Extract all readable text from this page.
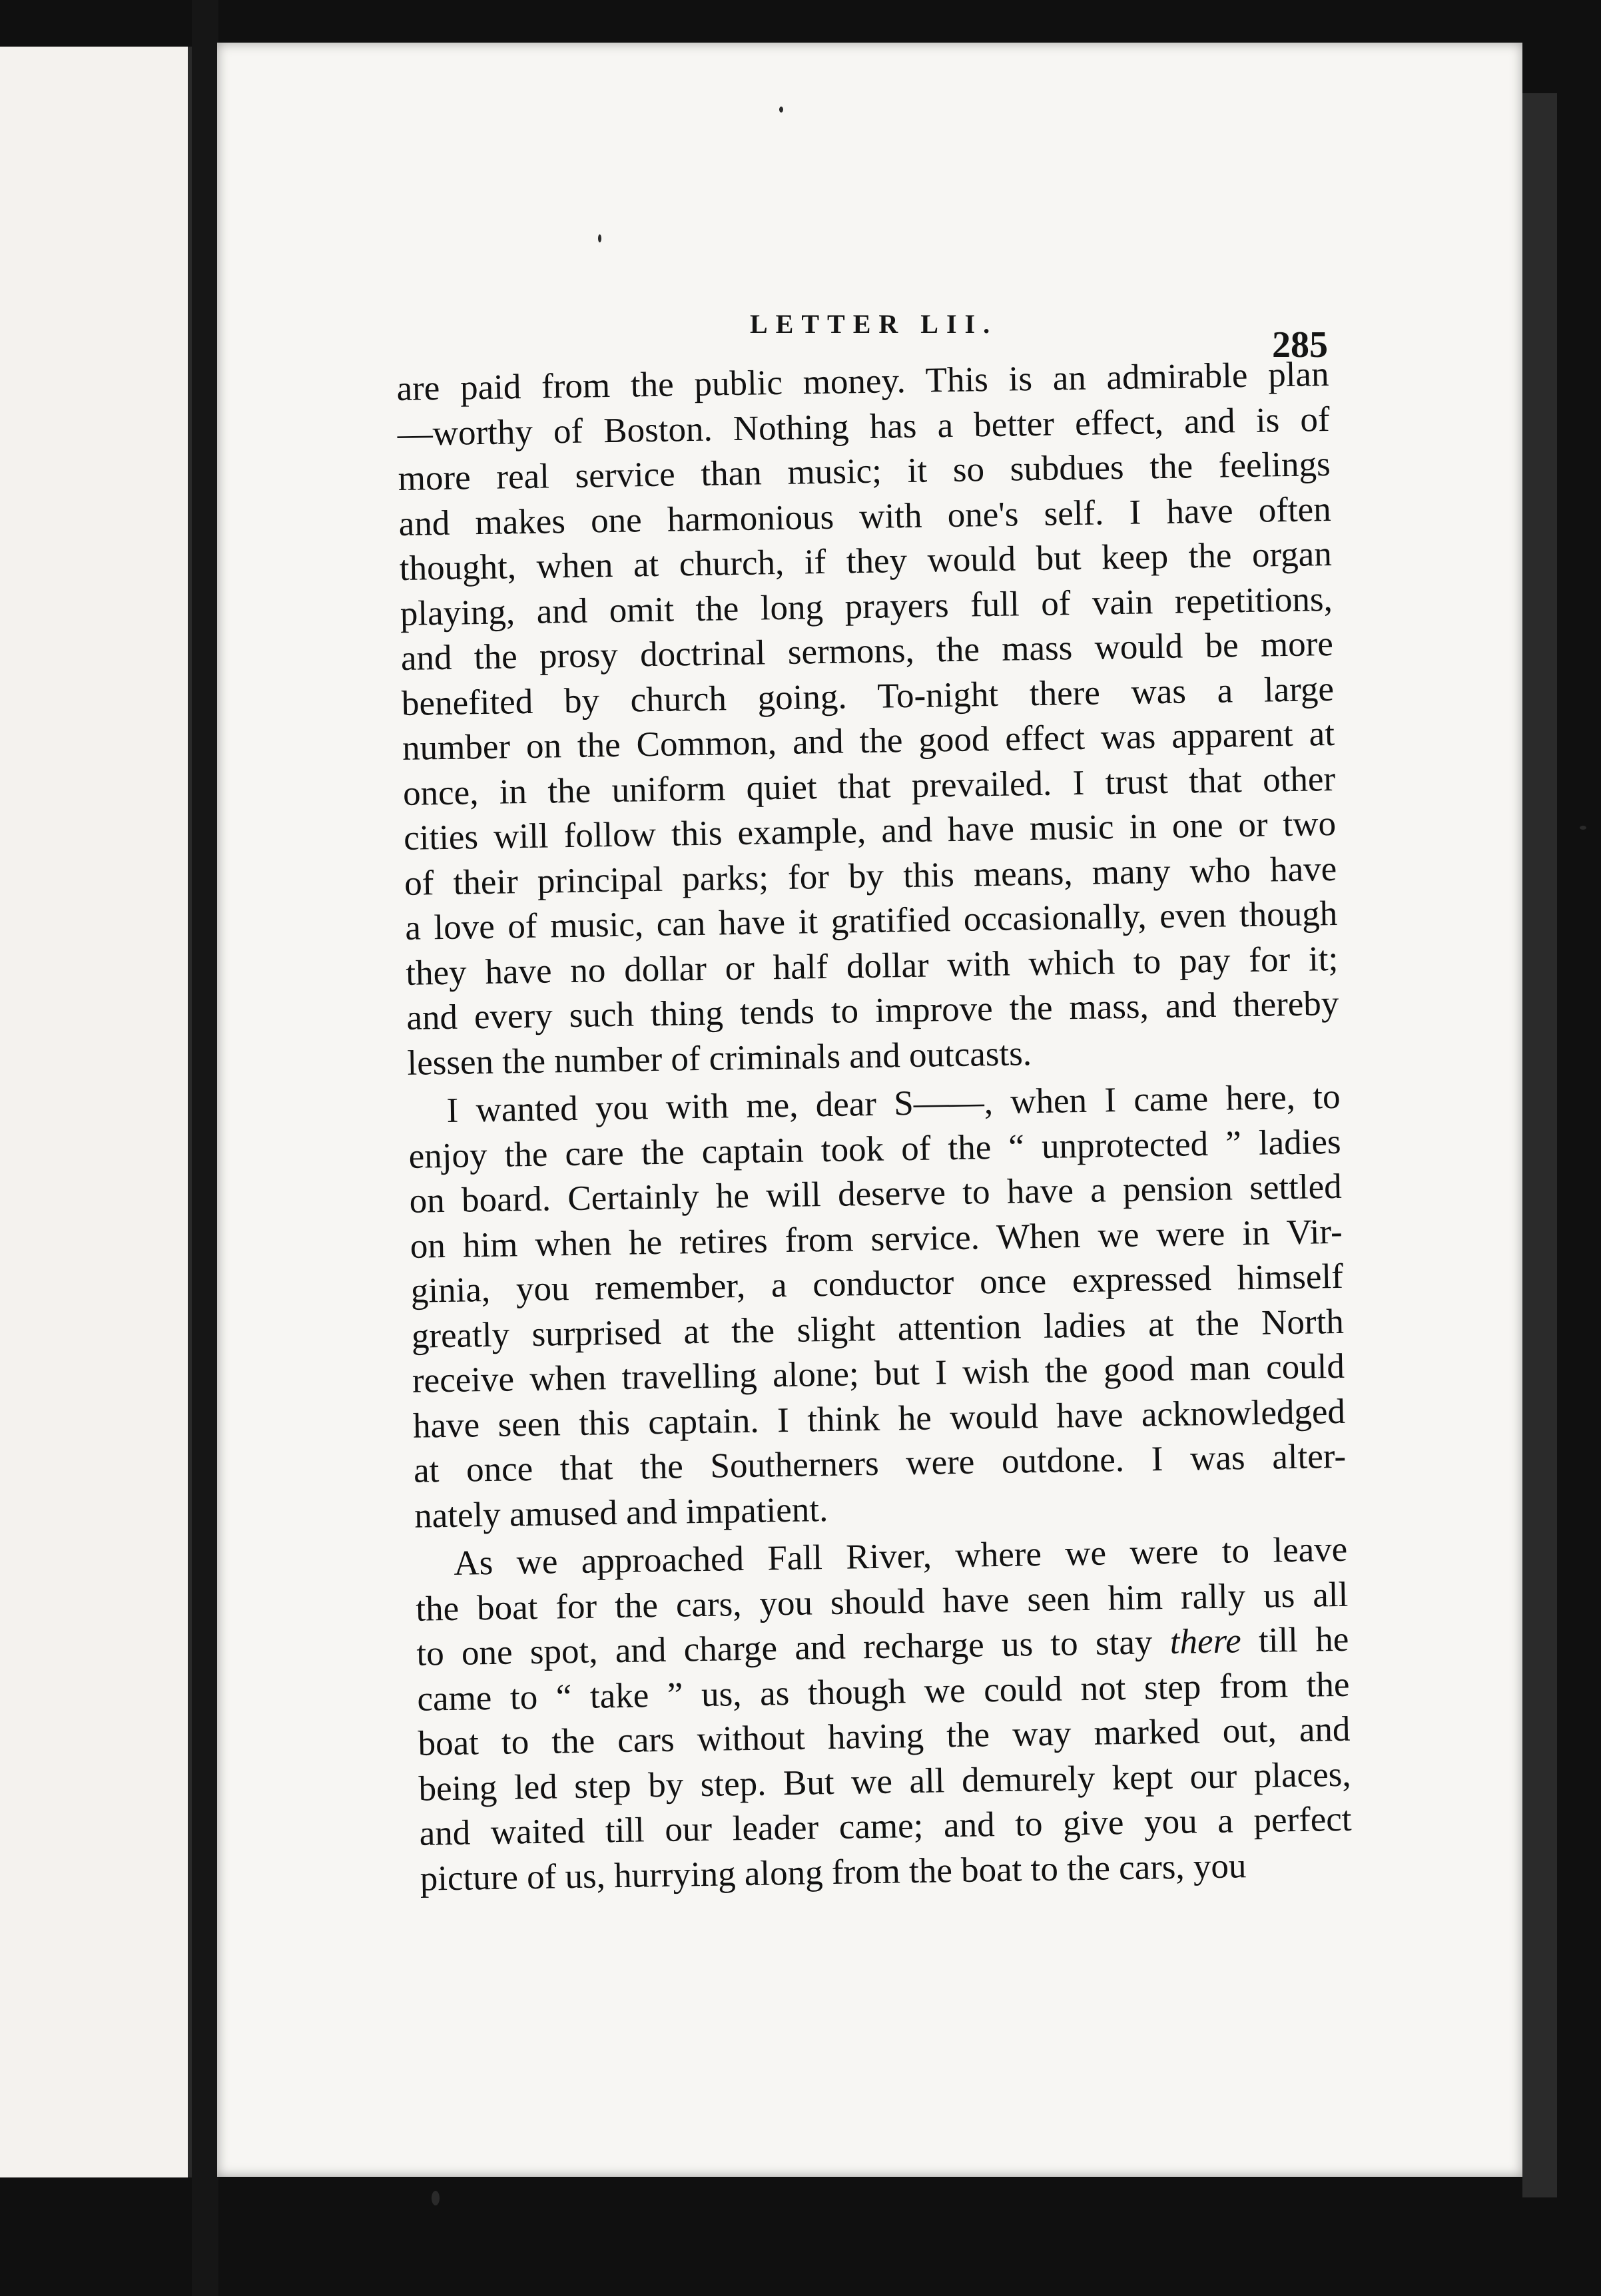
LETTER LII.
285
are paid from the public money. This is an admirable plan
—worthy of Boston. Nothing has a better effect, and is of
more real service than music; it so subdues the feelings
and makes one harmonious with one's self. I have often
thought, when at church, if they would but keep the organ
playing, and omit the long prayers full of vain repetitions,
and the prosy doctrinal sermons, the mass would be more
benefited by church going. To-night there was a large
number on the Common, and the good effect was apparent at
once, in the uniform quiet that prevailed. I trust that other
cities will follow this example, and have music in one or two
of their principal parks; for by this means, many who have
a love of music, can have it gratified occasionally, even though
they have no dollar or half dollar with which to pay for it;
and every such thing tends to improve the mass, and thereby
lessen the number of criminals and outcasts.
I wanted you with me, dear S——, when I came here, to
enjoy the care the captain took of the “ unprotected ” ladies
on board. Certainly he will deserve to have a pension settled
on him when he retires from service. When we were in Vir-
ginia, you remember, a conductor once expressed himself
greatly surprised at the slight attention ladies at the North
receive when travelling alone; but I wish the good man could
have seen this captain. I think he would have acknowledged
at once that the Southerners were outdone. I was alter-
nately amused and impatient.
As we approached Fall River, where we were to leave
the boat for the cars, you should have seen him rally us all
to one spot, and charge and recharge us to stay there till he
came to “ take ” us, as though we could not step from the
boat to the cars without having the way marked out, and
being led step by step. But we all demurely kept our places,
and waited till our leader came; and to give you a perfect
picture of us, hurrying along from the boat to the cars, you
